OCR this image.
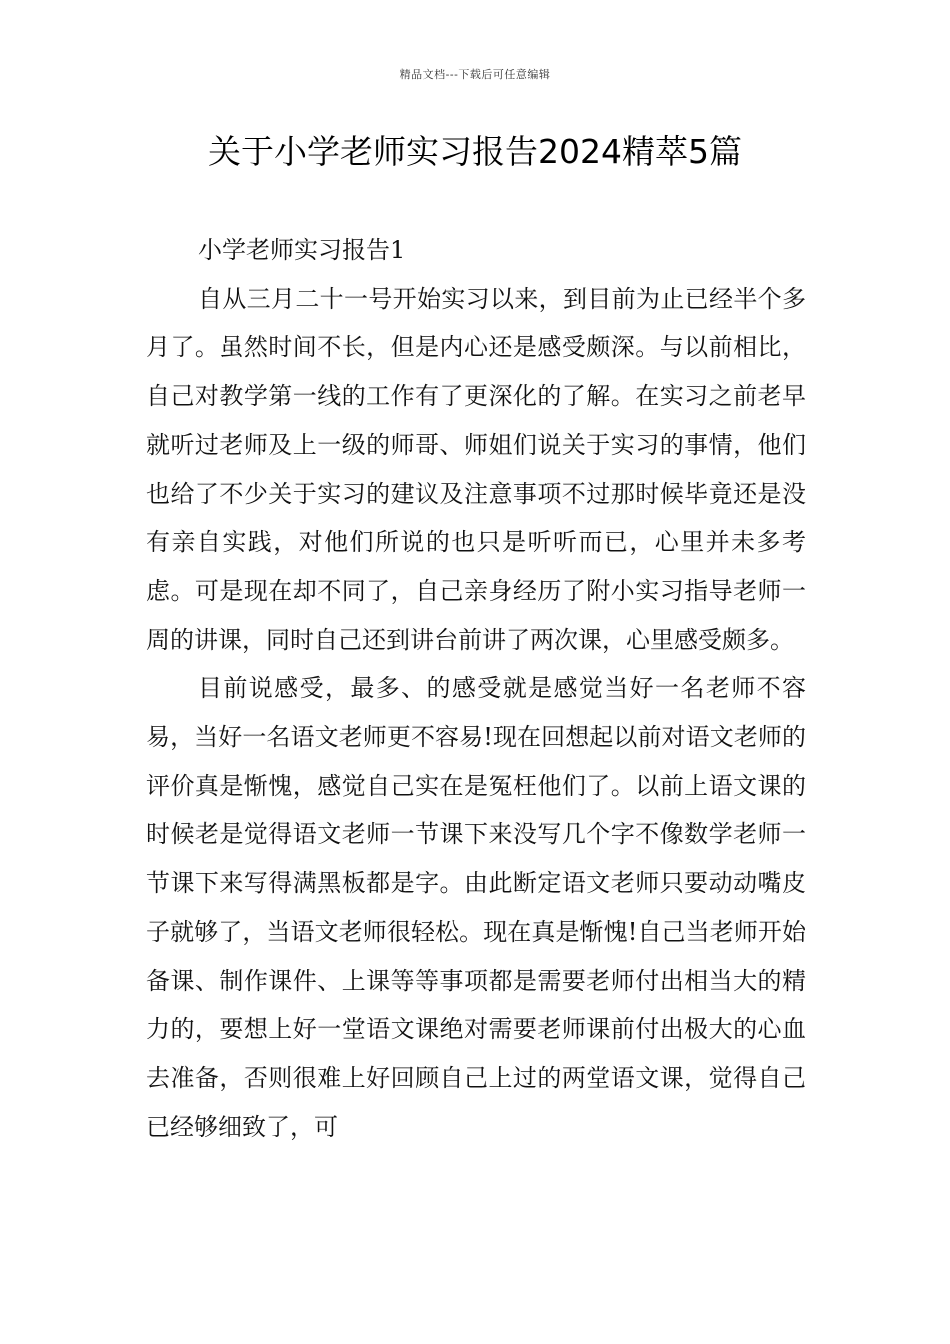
精品文档---下载后可任意编辑
关于小学老师实习报告2024精萃5篇

小学老师实习报告1

自从三月二十一号开始实习以来，到目前为止已经半个多月了。虽然时间不长，但是内心还是感受颇深。与以前相比，自己对教学第一线的工作有了更深化的了解。在实习之前老早就听过老师及上一级的师哥、师姐们说关于实习的事情，他们也给了不少关于实习的建议及注意事项不过那时候毕竟还是没有亲自实践，对他们所说的也只是听听而已，心里并未多考虑。可是现在却不同了，自己亲身经历了附小实习指导老师一周的讲课，同时自己还到讲台前讲了两次课，心里感受颇多。

目前说感受，最多、的感受就是感觉当好一名老师不容易，当好一名语文老师更不容易!现在回想起以前对语文老师的评价真是惭愧，感觉自己实在是冤枉他们了。以前上语文课的时候老是觉得语文老师一节课下来没写几个字不像数学老师一节课下来写得满黑板都是字。由此断定语文老师只要动动嘴皮子就够了，当语文老师很轻松。现在真是惭愧!自己当老师开始备课、制作课件、上课等等事项都是需要老师付出相当大的精力的，要想上好一堂语文课绝对需要老师课前付出极大的心血去准备，否则很难上好回顾自己上过的两堂语文课，觉得自己已经够细致了，可
